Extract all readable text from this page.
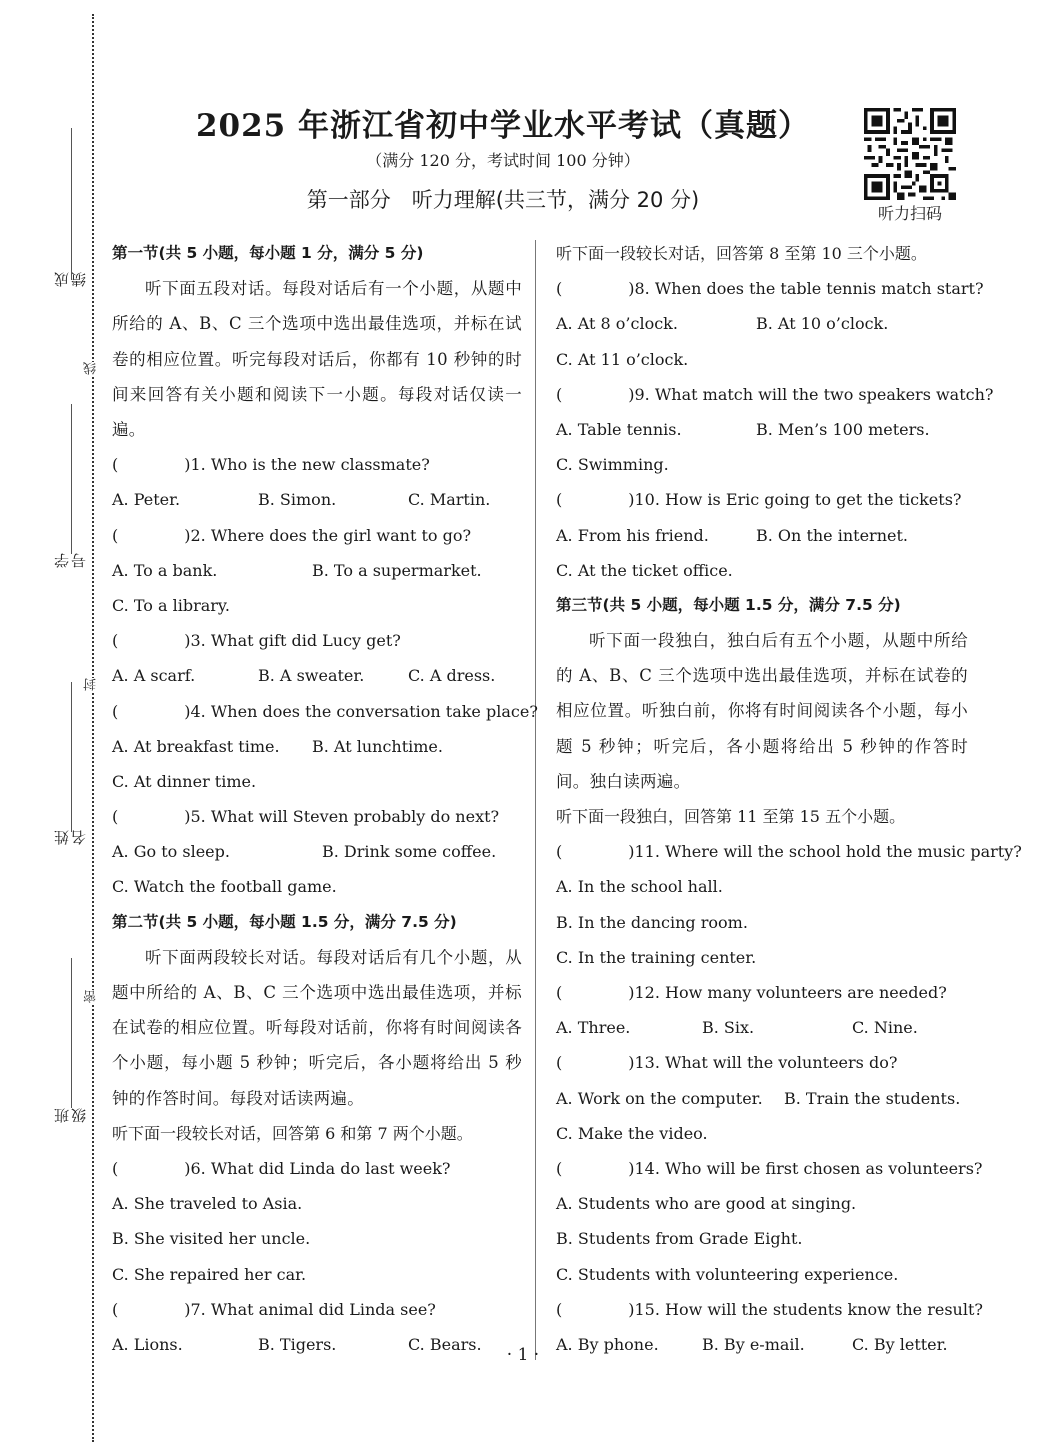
成绩
学号
姓名
班级
线
封
密
2025 年浙江省初中学业水平考试（真题）
（满分 120 分，考试时间 100 分钟）
第一部分　听力理解(共三节，满分 20 分)
听力扫码
第一节(共 5 小题，每小题 1 分，满分 5 分)
听下面五段对话。每段对话后有一个小题，从题中所给的 A、B、C 三个选项中选出最佳选项，并标在试卷的相应位置。听完每段对话后，你都有 10 秒钟的时间来回答有关小题和阅读下一小题。每段对话仅读一遍。
(	)1. Who is the new classmate?
A. Peter.	B. Simon.	C. Martin.
(	)2. Where does the girl want to go?
A. To a bank.	B. To a supermarket.
C. To a library.
(	)3. What gift did Lucy get?
A. A scarf.	B. A sweater.	C. A dress.
(	)4. When does the conversation take place?
A. At breakfast time. B. At lunchtime.
C. At dinner time.
(	)5. What will Steven probably do next?
A. Go to sleep.	B. Drink some coffee.
C. Watch the football game.
第二节(共 5 小题，每小题 1.5 分，满分 7.5 分)
听下面两段较长对话。每段对话后有几个小题，从题中所给的 A、B、C 三个选项中选出最佳选项，并标在试卷的相应位置。听每段对话前，你将有时间阅读各个小题，每小题 5 秒钟；听完后，各小题将给出 5 秒钟的作答时间。每段对话读两遍。
听下面一段较长对话，回答第 6 和第 7 两个小题。
(	)6. What did Linda do last week?
A. She traveled to Asia.
B. She visited her uncle.
C. She repaired her car.
(	)7. What animal did Linda see?
A. Lions.	B. Tigers.	C. Bears.
听下面一段较长对话，回答第 8 至第 10 三个小题。
(	)8. When does the table tennis match start?
A. At 8 o’clock.	B. At 10 o’clock.
C. At 11 o’clock.
(	)9. What match will the two speakers watch?
A. Table tennis.	B. Men’s 100 meters.
C. Swimming.
(	)10. How is Eric going to get the tickets?
A. From his friend.	B. On the internet.
C. At the ticket office.
第三节(共 5 小题，每小题 1.5 分，满分 7.5 分)
听下面一段独白，独白后有五个小题，从题中所给的 A、B、C 三个选项中选出最佳选项，并标在试卷的相应位置。听独白前，你将有时间阅读各个小题，每小题 5 秒钟；听完后，各小题将给出 5 秒钟的作答时间。独白读两遍。
听下面一段独白，回答第 11 至第 15 五个小题。
(	)11. Where will the school hold the music party?
A. In the school hall.
B. In the dancing room.
C. In the training center.
(	)12. How many volunteers are needed?
A. Three.	B. Six.	C. Nine.
(	)13. What will the volunteers do?
A. Work on the computer. B. Train the students.
C. Make the video.
(	)14. Who will be first chosen as volunteers?
A. Students who are good at singing.
B. Students from Grade Eight.
C. Students with volunteering experience.
(	)15. How will the students know the result?
A. By phone.	B. By e-mail.	C. By letter.
· 1 ·
